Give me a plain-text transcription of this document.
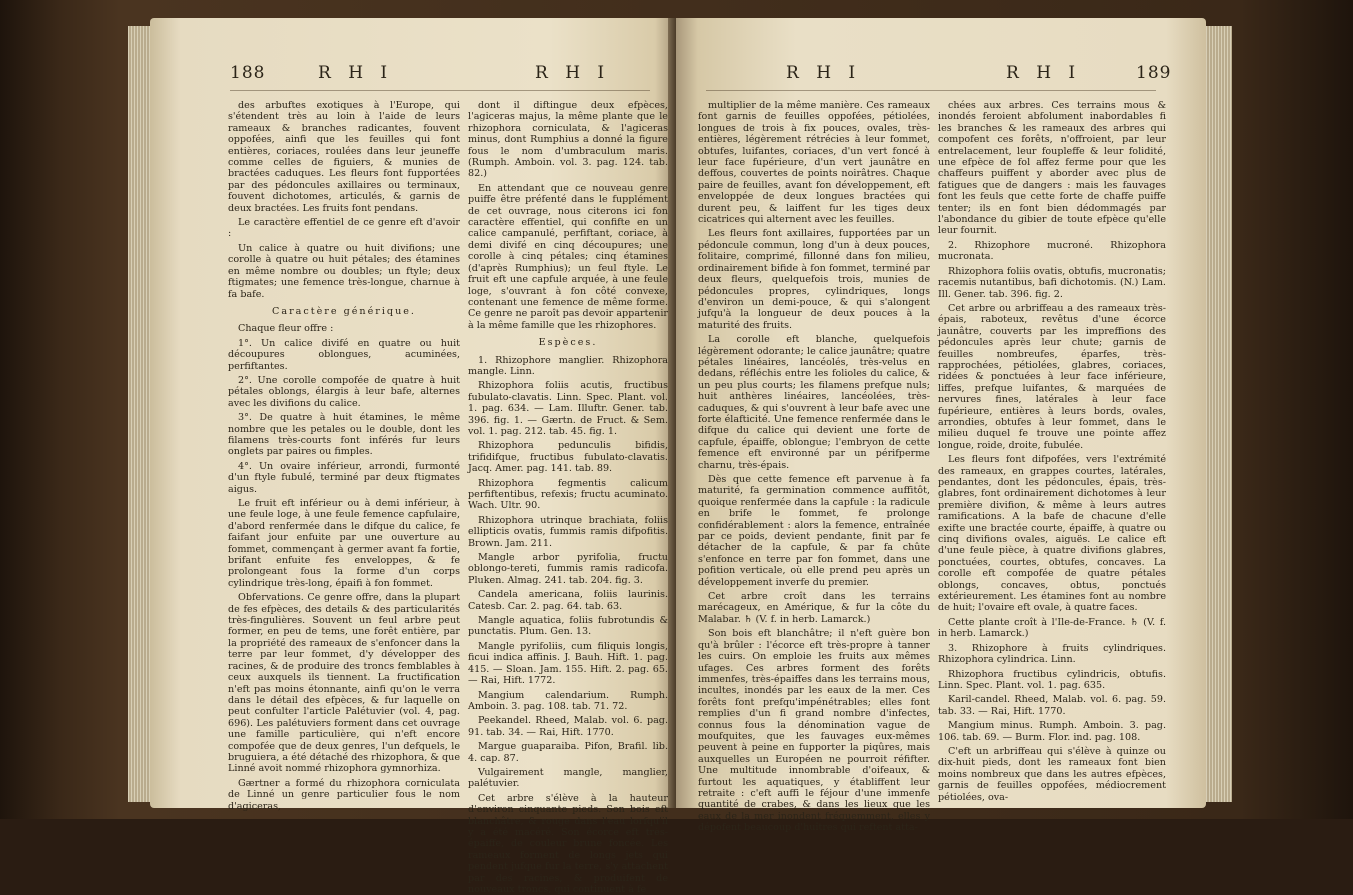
188	R H I	R H I

des arbuftes exotiques à l'Europe, qui s'étendent très au loin à l'aide de leurs rameaux & branches radicantes, fouvent oppofées, ainfi que les feuilles qui font entières, coriaces, roulées dans leur jeuneffe comme celles de figuiers, & munies de bractées caduques. Les fleurs font fupportées par des pédoncules axillaires ou terminaux, fouvent dichotomes, articulés, & garnis de deux bractées. Les fruits font pendans.

Le caractère effentiel de ce genre eft d'avoir :

Un calice à quatre ou huit divifions; une corolle à quatre ou huit pétales; des étamines en même nombre ou doubles; un ftyle; deux ftigmates; une femence très-longue, charnue à fa bafe.

Caractère générique.

Chaque fleur offre :

1°. Un calice divifé en quatre ou huit découpures oblongues, acuminées, perfiftantes.

2°. Une corolle compofée de quatre à huit pétales oblongs, élargis à leur bafe, alternes avec les divifions du calice.

3°. De quatre à huit étamines, le même nombre que les petales ou le double, dont les filamens très-courts font inférés fur leurs onglets par paires ou fimples.

4°. Un ovaire inférieur, arrondi, furmonté d'un ftyle fubulé, terminé par deux ftigmates aigus.

Le fruit eft inférieur ou à demi inférieur, à une feule loge, à une feule femence capfulaire, d'abord renfermée dans le difque du calice, fe faifant jour enfuite par une ouverture au fommet, commençant à germer avant fa fortie, brifant enfuite fes enveloppes, & fe prolongeant fous la forme d'un corps cylindrique très-long, épaifi à fon fommet.

Obfervations. Ce genre offre, dans la plupart de fes efpèces, des details & des particularités très-fingulières. Souvent un feul arbre peut former, en peu de tems, une forêt entière, par la propriété des rameaux de s'enfoncer dans la terre par leur fommet, d'y développer des racines, & de produire des troncs femblables à ceux auxquels ils tiennent. La fructification n'eft pas moins étonnante, ainfi qu'on le verra dans le détail des efpèces, & fur laquelle on peut confulter l'article Palétuvier (vol. 4, pag. 696). Les palétuviers forment dans cet ouvrage une famille particulière, qui n'eft encore compofée que de deux genres, l'un defquels, le bruguiera, a été détaché des rhizophora, & que Linné avoit nommé rhizophora gymnorhiza.

Gærtner a formé du rhizophora corniculata de Linné un genre particulier fous le nom d'agiceras,

dont il diftingue deux efpèces, l'agiceras majus, la même plante que le rhizophora corniculata, & l'agiceras minus, dont Rumphius a donné la figure fous le nom d'umbraculum maris. (Rumph. Amboin. vol. 3. pag. 124. tab. 82.)

En attendant que ce nouveau genre puiffe être préfenté dans le fupplément de cet ouvrage, nous citerons ici fon caractère effentiel, qui confifte en un calice campanulé, perfiftant, coriace, à demi divifé en cinq découpures; une corolle à cinq pétales; cinq étamines (d'après Rumphius); un feul ftyle. Le fruit eft une capfule arquée, à une feule loge, s'ouvrant à fon côté convexe, contenant une femence de même forme. Ce genre ne paroît pas devoir appartenir à la même famille que les rhizophores.

Espèces.

1. Rhizophore manglier. Rhizophora mangle. Linn.

Rhizophora foliis acutis, fructibus fubulato-clavatis. Linn. Spec. Plant. vol. 1. pag. 634. — Lam. Illuftr. Gener. tab. 396. fig. 1. — Gærtn. de Fruct. & Sem. vol. 1. pag. 212. tab. 45. fig. 1.

Rhizophora pedunculis bifidis, trifidifque, fructibus fubulato-clavatis. Jacq. Amer. pag. 141. tab. 89.

Rhizophora fegmentis calicum perfiftentibus, refexis; fructu acuminato. Wach. Ultr. 90.

Rhizophora utrinque brachiata, foliis ellipticis ovatis, fummis ramis difpofitis. Brown. Jam. 211.

Mangle arbor pyrifolia, fructu oblongo-tereti, fummis ramis radicofa. Pluken. Almag. 241. tab. 204. fig. 3.

Candela americana, foliis laurinis. Catesb. Car. 2. pag. 64. tab. 63.

Mangle aquatica, foliis fubrotundis & punctatis. Plum. Gen. 13.

Mangle pyrifoliis, cum filiquis longis, ficui indica affinis. J. Bauh. Hift. 1. pag. 415. — Sloan. Jam. 155. Hift. 2. pag. 65. — Rai, Hift. 1772.

Mangium calendarium. Rumph. Amboin. 3. pag. 108. tab. 71. 72.

Peekandel. Rheed, Malab. vol. 6. pag. 91. tab. 34. — Rai, Hift. 1770.

Margue guaparaiba. Pifon, Brafil. lib. 4. cap. 87.

Vulgairement mangle, manglier, palétuvier.

Cet arbre s'élève à la hauteur d'environ cinquante pieds. Son bois eft blanchâtre, & rouge dans l'eau lorfqu'il y a été macéré. Son écorce eft très-épaiffe, de couleur brune foncée. Les rameaux forment de longs jets qui pendent jufque fur la terre, s'y attachent par des racines, & produifent de nouveaux troncs, qui continuent à fe

R H I	R H I	189

multiplier de la même manière. Ces rameaux font garnis de feuilles oppofées, pétiolées, longues de trois à fix pouces, ovales, très-entières, légèrement rétrécies à leur fommet, obtufes, luifantes, coriaces, d'un vert foncé à leur face fupérieure, d'un vert jaunâtre en deffous, couvertes de points noirâtres. Chaque paire de feuilles, avant fon développement, eft enveloppée de deux longues bractées qui durent peu, & laiffent fur les tiges deux cicatrices qui alternent avec les feuilles.

Les fleurs font axillaires, fupportées par un pédoncule commun, long d'un à deux pouces, folitaire, comprimé, fillonné dans fon milieu, ordinairement bifide à fon fommet, terminé par deux fleurs, quelquefois trois, munies de pédoncules propres, cylindriques, longs d'environ un demi-pouce, & qui s'alongent jufqu'à la longueur de deux pouces à la maturité des fruits.

La corolle eft blanche, quelquefois légèrement odorante; le calice jaunâtre; quatre pétales linéaires, lancéolés, très-velus en dedans, réfléchis entre les folioles du calice, & un peu plus courts; les filamens prefque nuls; huit anthères linéaires, lancéolées, très-caduques, & qui s'ouvrent à leur bafe avec une forte élafticité. Une femence renfermée dans le difque du calice qui devient une forte de capfule, épaiffe, oblongue; l'embryon de cette femence eft environné par un périfperme charnu, très-épais.

Dès que cette femence eft parvenue à fa maturité, fa germination commence auffitôt, quoique renfermée dans la capfule : la radicule en brife le fommet, fe prolonge confidérablement : alors la femence, entraînée par ce poids, devient pendante, finit par fe détacher de la capfule, & par fa chûte s'enfonce en terre par fon fommet, dans une pofition verticale, où elle prend peu après un développement inverfe du premier.

Cet arbre croît dans les terrains marécageux, en Amérique, & fur la côte du Malabar. ♄ (V. f. in herb. Lamarck.)

Son bois eft blanchâtre; il n'eft guère bon qu'à brûler : l'écorce eft très-propre à tanner les cuirs. On emploie les fruits aux mêmes ufages. Ces arbres forment des forêts immenfes, très-épaiffes dans les terrains mous, incultes, inondés par les eaux de la mer. Ces forêts font prefqu'impénétrables; elles font remplies d'un fi grand nombre d'infectes, connus fous la dénomination vague de moufquites, que les fauvages eux-mêmes peuvent à peine en fupporter la piqûres, mais auxquelles un Européen ne pourroit réfifter. Une multitude innombrable d'oifeaux, & furtout les aquatiques, y établiffent leur retraite : c'eft auffi le féjour d'une immenfe quantité de crabes, & dans les lieux que les eaux de la mer inondent fréquemment, elles y dépofent beaucoup d'huîtres qui reftent atta-

chées aux arbres. Ces terrains mous & inondés feroient abfolument inabordables fi les branches & les rameaux des arbres qui compofent ces forêts, n'offroient, par leur entrelacement, leur foupleffe & leur folidité, une efpèce de fol affez ferme pour que les chaffeurs puiffent y aborder avec plus de fatigues que de dangers : mais les fauvages font les feuls que cette forte de chaffe puiffe tenter; ils en font bien dédommagés par l'abondance du gibier de toute efpèce qu'elle leur fournit.

2. Rhizophore mucroné. Rhizophora mucronata.

Rhizophora foliis ovatis, obtufis, mucronatis; racemis nutantibus, bafi dichotomis. (N.) Lam. Ill. Gener. tab. 396. fig. 2.

Cet arbre ou arbriffeau a des rameaux très-épais, raboteux, revêtus d'une écorce jaunâtre, couverts par les impreffions des pédoncules après leur chute; garnis de feuilles nombreufes, éparfes, très-rapprochées, pétiolées, glabres, coriaces, ridées & ponctuées à leur face inférieure, liffes, prefque luifantes, & marquées de nervures fines, latérales à leur face fupérieure, entières à leurs bords, ovales, arrondies, obtufes à leur fommet, dans le milieu duquel fe trouve une pointe affez longue, roide, droite, fubulée.

Les fleurs font difpofées, vers l'extrémité des rameaux, en grappes courtes, latérales, pendantes, dont les pédoncules, épais, très-glabres, font ordinairement dichotomes à leur première divifion, & même à leurs autres ramifications. A la bafe de chacune d'elle exifte une bractée courte, épaiffe, à quatre ou cinq divifions ovales, aiguës. Le calice eft d'une feule pièce, à quatre divifions glabres, ponctuées, courtes, obtufes, concaves. La corolle eft compofée de quatre pétales oblongs, concaves, obtus, ponctués extérieurement. Les étamines font au nombre de huit; l'ovaire eft ovale, à quatre faces.

Cette plante croît à l'Ile-de-France. ♄ (V. f. in herb. Lamarck.)

3. Rhizophore à fruits cylindriques. Rhizophora cylindrica. Linn.

Rhizophora fructibus cylindricis, obtufis. Linn. Spec. Plant. vol. 1. pag. 635.

Karil-candel. Rheed, Malab. vol. 6. pag. 59. tab. 33. — Rai, Hift. 1770.

Mangium minus. Rumph. Amboin. 3. pag. 106. tab. 69. — Burm. Flor. ind. pag. 108.

C'eft un arbriffeau qui s'élève à quinze ou dix-huit pieds, dont les rameaux font bien moins nombreux que dans les autres efpèces, garnis de feuilles oppofées, médiocrement pétiolées, ova-
